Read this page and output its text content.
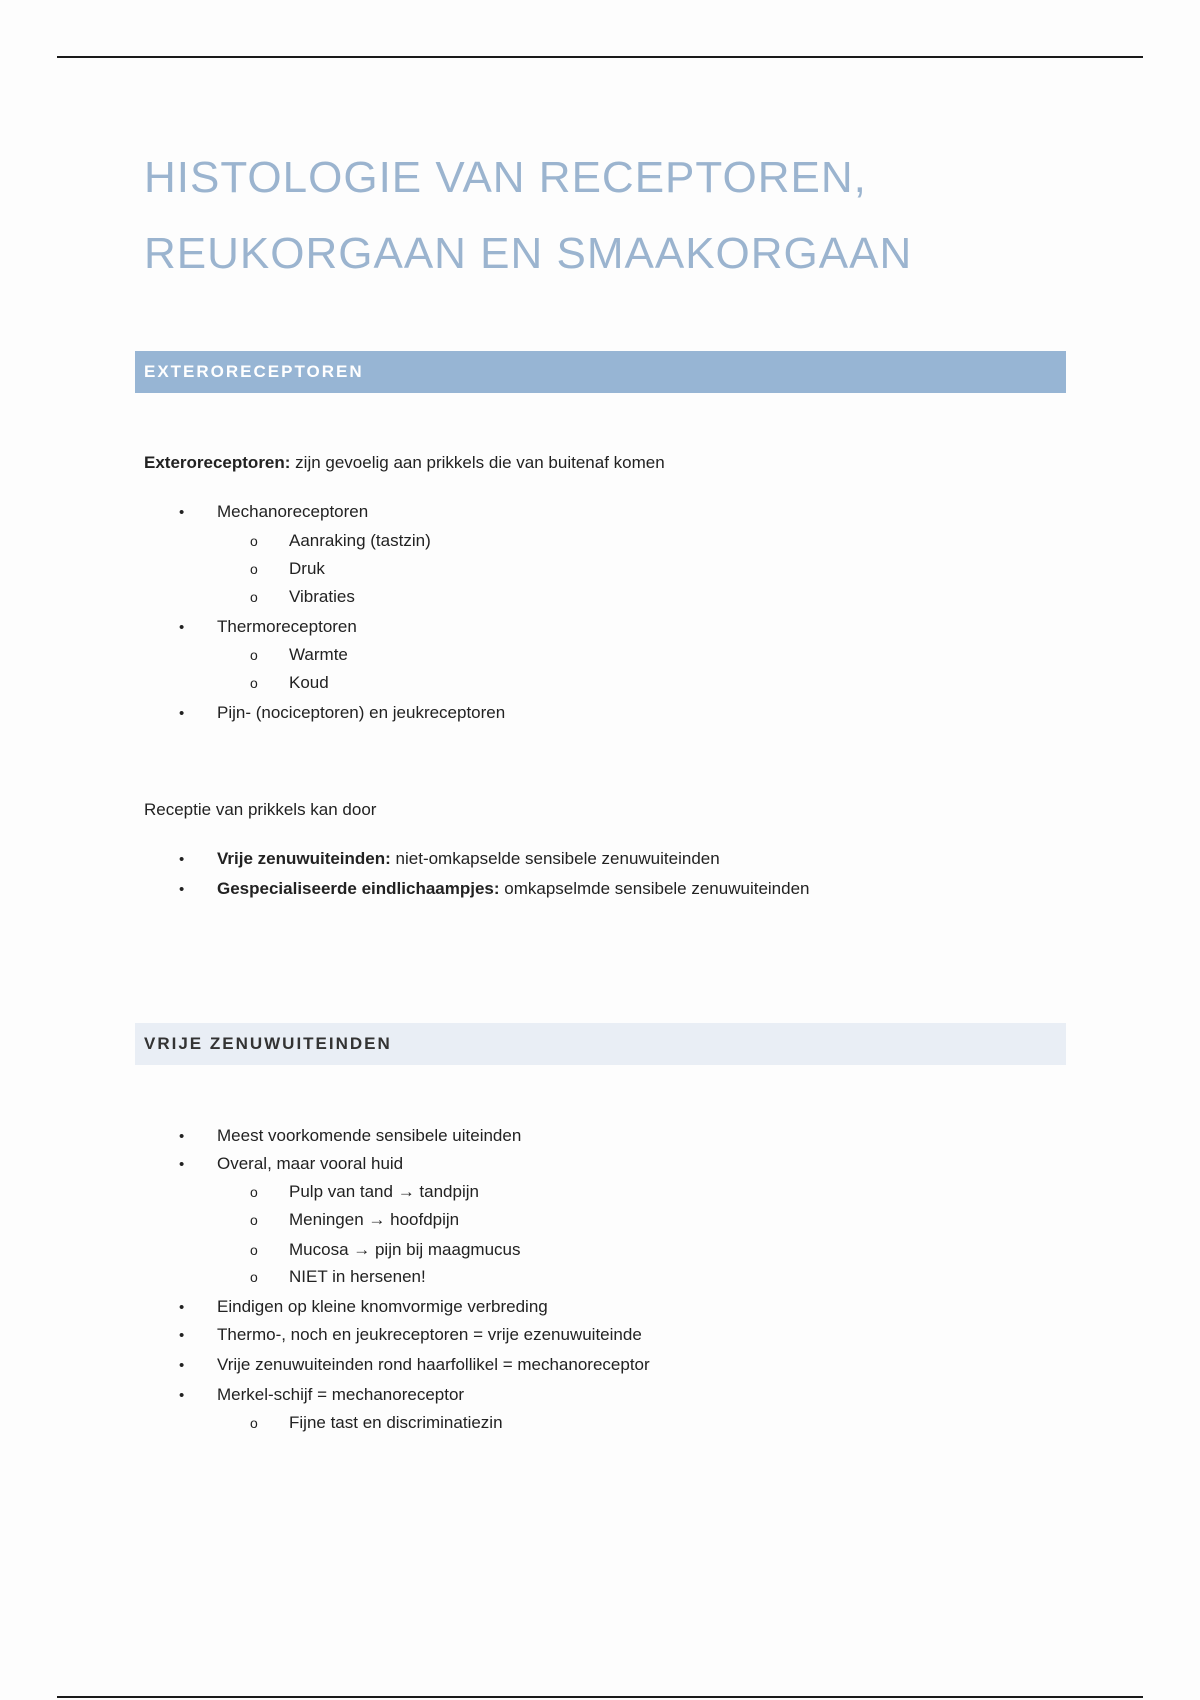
HISTOLOGIE VAN RECEPTOREN,
REUKORGAAN EN SMAAKORGAAN
EXTERORECEPTOREN
Exteroreceptoren: zijn gevoelig aan prikkels die van buitenaf komen
• Mechanoreceptoren
o Aanraking (tastzin)
o Druk
o Vibraties
• Thermoreceptoren
o Warmte
o Koud
• Pijn- (nociceptoren) en jeukreceptoren
Receptie van prikkels kan door
• Vrije zenuwuiteinden: niet-omkapselde sensibele zenuwuiteinden
• Gespecialiseerde eindlichaampjes: omkapselmde sensibele zenuwuiteinden
VRIJE ZENUWUITEINDEN
• Meest voorkomende sensibele uiteinden
• Overal, maar vooral huid
o Pulp van tand → tandpijn
o Meningen → hoofdpijn
o Mucosa → pijn bij maagmucus
o NIET in hersenen!
• Eindigen op kleine knomvormige verbreding
• Thermo-, noch en jeukreceptoren = vrije ezenuwuiteinde
• Vrije zenuwuiteinden rond haarfollikel = mechanoreceptor
• Merkel-schijf = mechanoreceptor
o Fijne tast en discriminatiezin
